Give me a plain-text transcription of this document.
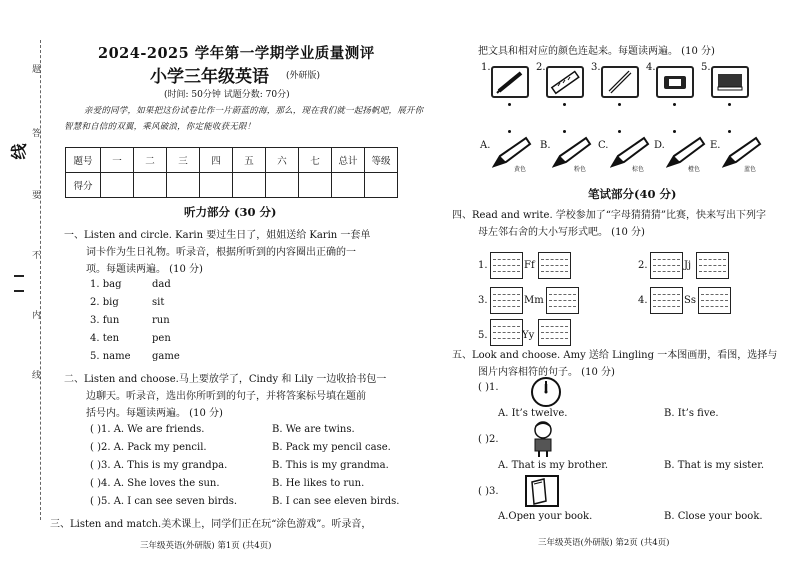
题
答
要
不
内
线
线
2024-2025 学年第一学期学业质量测评
小学三年级英语 (外研版)
(时间: 50分钟 试题分数: 70分)
亲爱的同学，如果把这份试卷比作一片蔚蓝的海，那么，现在我们就一起扬帆吧，展开你
智慧和自信的双翼，乘风破浪，你定能收获无限！
题号	一	二	三	四	五	六	七	总计	等级
得分									
听力部分 (30 分)
一、Listen and circle. Karin 要过生日了，姐姐送给 Karin 一套单
词卡作为生日礼物。听录音，根据所听到的内容圈出正确的一
项。每题读两遍。 (10 分)
1. bag	dad
2. big	sit
3. fun	run
4. ten	pen
5. name game
二、Listen and choose.马上要放学了，Cindy 和 Lily 一边收拾书包一
边聊天。听录音，选出你所听到的句子，并将答案标号填在题前
括号内。每题读两遍。 (10 分)
( )1. A. We are friends.	B. We are twins.
( )2. A. Pack my pencil.	B. Pack my pencil case.
( )3. A. This is my grandpa.	B. This is my grandma.
( )4. A. She loves the sun.	B. He likes to run.
( )5. A. I can see seven birds.	B. I can see eleven birds.
三、Listen and match.美术课上，同学们正在玩“涂色游戏”。听录音，
三年级英语(外研版) 第1页 (共4页)
把文具和相对应的颜色连起来。每题读两遍。 (10 分)
1.	2.	3.	4.	5.
A.
黄色
B.
粉色
C.
棕色
D.
橙色
E.
蓝色
笔试部分(40 分)
四、Read and write. 学校参加了“字母猜猜猜”比赛，快来写出下列字
母左邻右舍的大小写形式吧。 (10 分)
1.	Ff	2.	Jj
3.	Mm	4.	Ss
5.	Yy
五、Look and choose. Amy 送给 Lingling 一本图画册，看图，选择与
图片内容相符的句子。 (10 分)
( )1.
A. It’s twelve.	B. It’s five.
( )2.
A. That is my brother.	B. That is my sister.
( )3.
A.Open your book.	B. Close your book.
三年级英语(外研版) 第2页 (共4页)
